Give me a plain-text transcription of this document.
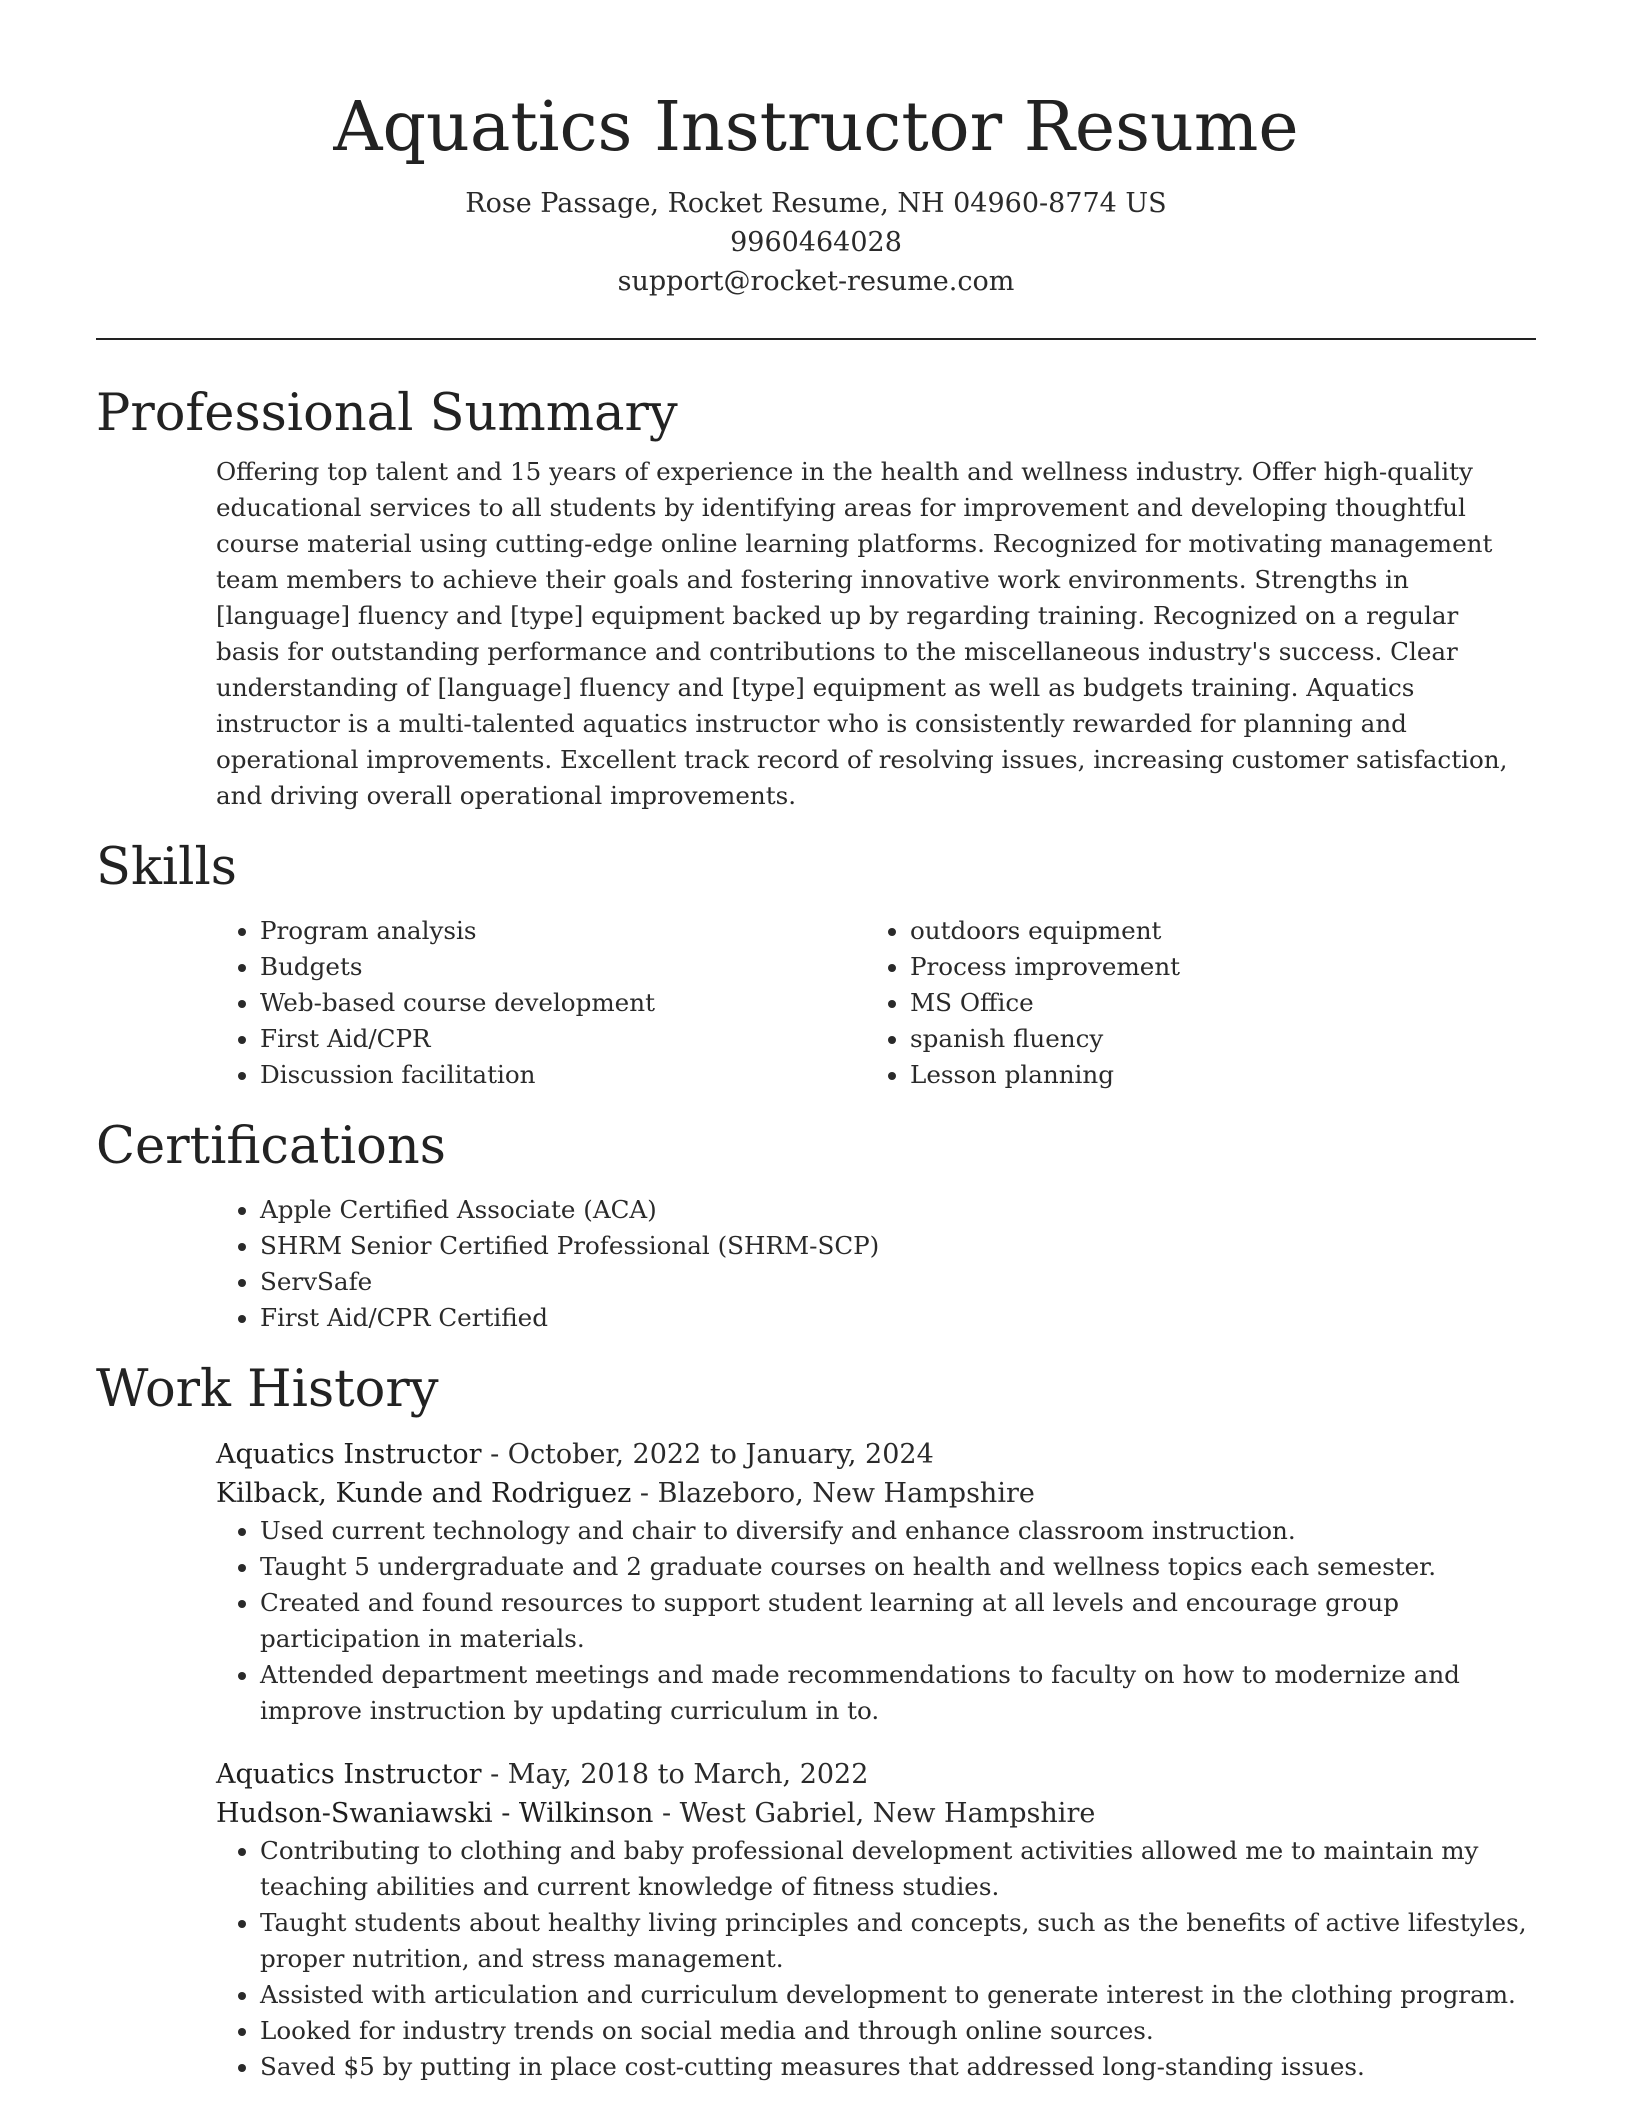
Aquatics Instructor Resume
Rose Passage, Rocket Resume, NH 04960-8774 US
9960464028
support@rocket-resume.com
Professional Summary
Offering top talent and 15 years of experience in the health and wellness industry. Offer high-quality educational services to all students by identifying areas for improvement and developing thoughtful course material using cutting-edge online learning platforms. Recognized for motivating management team members to achieve their goals and fostering innovative work environments. Strengths in [language] fluency and [type] equipment backed up by regarding training. Recognized on a regular basis for outstanding performance and contributions to the miscellaneous industry's success. Clear understanding of [language] fluency and [type] equipment as well as budgets training. Aquatics instructor is a multi-talented aquatics instructor who is consistently rewarded for planning and operational improvements. Excellent track record of resolving issues, increasing customer satisfaction, and driving overall operational improvements.
Skills
• Program analysis
• Budgets
• Web-based course development
• First Aid/CPR
• Discussion facilitation
• outdoors equipment
• Process improvement
• MS Office
• spanish fluency
• Lesson planning
Certifications
• Apple Certified Associate (ACA)
• SHRM Senior Certified Professional (SHRM-SCP)
• ServSafe
• First Aid/CPR Certified
Work History
Aquatics Instructor - October, 2022 to January, 2024
Kilback, Kunde and Rodriguez - Blazeboro, New Hampshire
• Used current technology and chair to diversify and enhance classroom instruction.
• Taught 5 undergraduate and 2 graduate courses on health and wellness topics each semester.
• Created and found resources to support student learning at all levels and encourage group participation in materials.
• Attended department meetings and made recommendations to faculty on how to modernize and improve instruction by updating curriculum in to.
Aquatics Instructor - May, 2018 to March, 2022
Hudson-Swaniawski - Wilkinson - West Gabriel, New Hampshire
• Contributing to clothing and baby professional development activities allowed me to maintain my teaching abilities and current knowledge of fitness studies.
• Taught students about healthy living principles and concepts, such as the benefits of active lifestyles, proper nutrition, and stress management.
• Assisted with articulation and curriculum development to generate interest in the clothing program.
• Looked for industry trends on social media and through online sources.
• Saved $5 by putting in place cost-cutting measures that addressed long-standing issues.
